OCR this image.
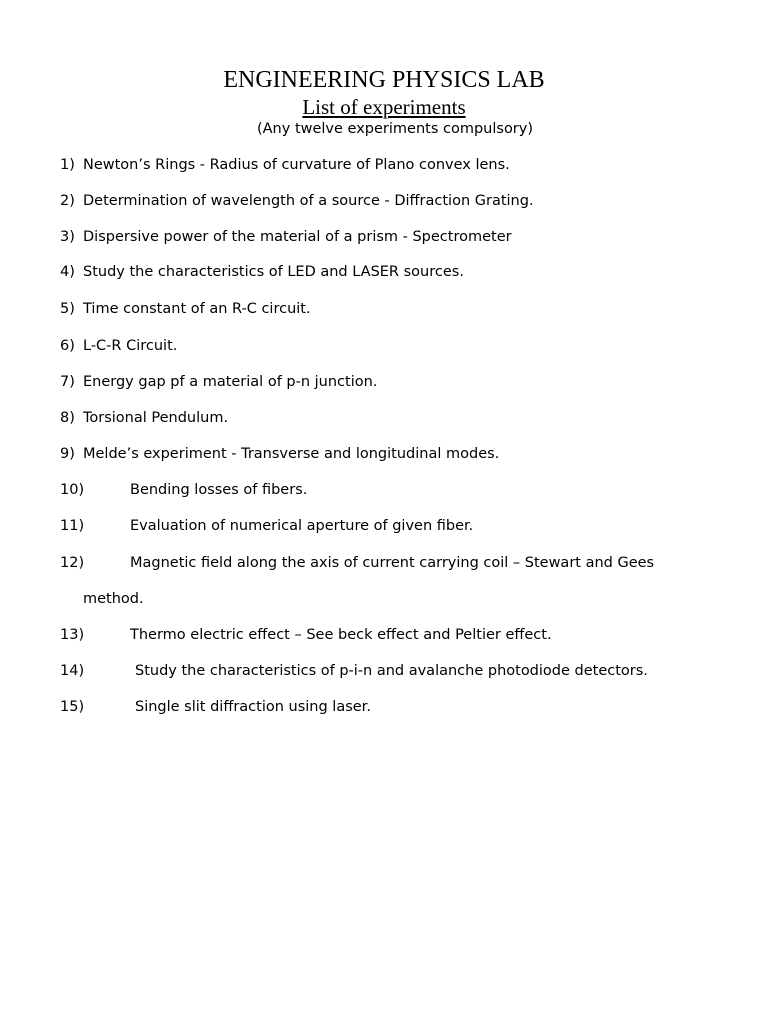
ENGINEERING PHYSICS LAB
List of experiments
(Any twelve experiments compulsory)
1) Newton’s Rings - Radius of curvature of Plano convex lens.
2) Determination of wavelength of a source - Diffraction Grating.
3) Dispersive power of the material of a prism - Spectrometer
4) Study the characteristics of LED and LASER sources.
5) Time constant of an R-C circuit.
6) L-C-R Circuit.
7) Energy gap pf a material of p-n junction.
8) Torsional Pendulum.
9) Melde’s experiment - Transverse and longitudinal modes.
10)	Bending losses of fibers.
11)	Evaluation of numerical aperture of given fiber.
12)	Magnetic field along the axis of current carrying coil – Stewart and Gees
method.
13)	Thermo electric effect – See beck effect and Peltier effect.
14)	Study the characteristics of p-i-n and avalanche photodiode detectors.
15)	Single slit diffraction using laser.
